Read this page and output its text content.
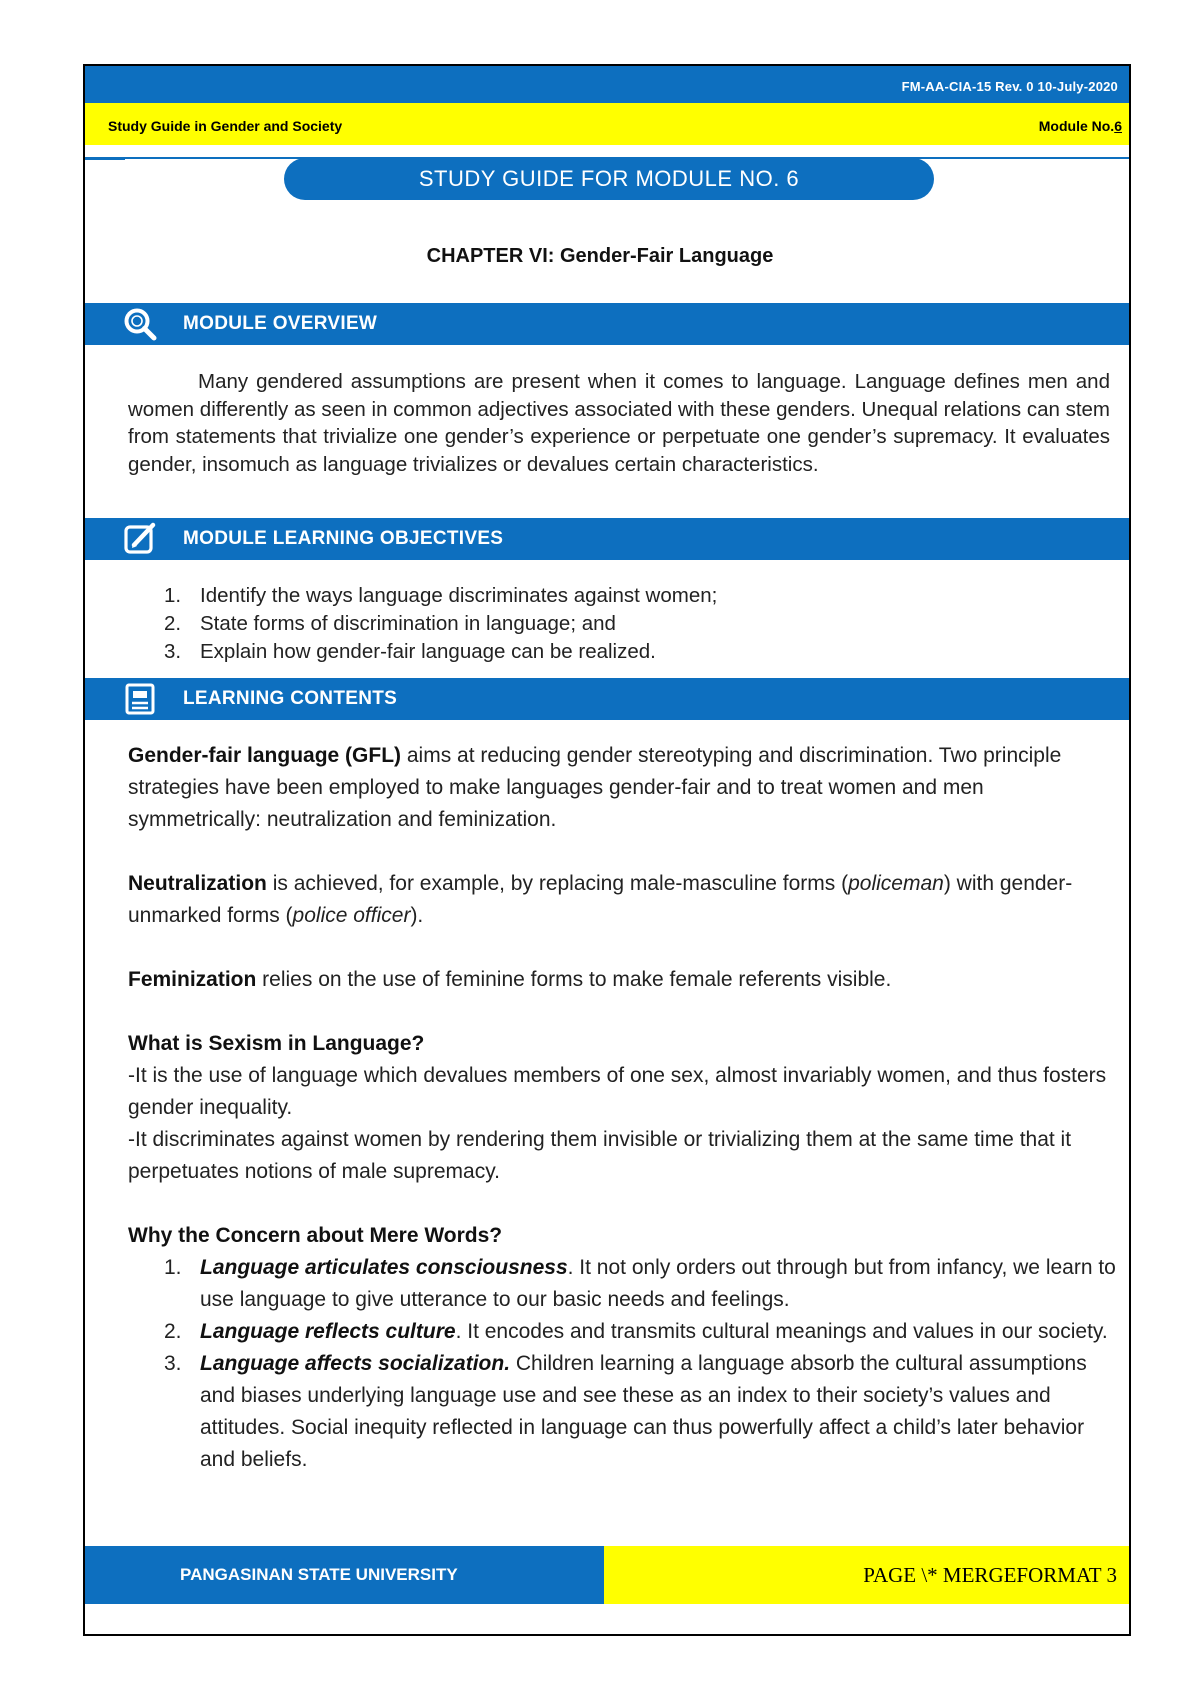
FM-AA-CIA-15 Rev. 0 10-July-2020
Study Guide in Gender and Society	Module No.6
STUDY GUIDE FOR MODULE NO. 6
CHAPTER VI: Gender-Fair Language
MODULE OVERVIEW
Many gendered assumptions are present when it comes to language. Language defines men and women differently as seen in common adjectives associated with these genders. Unequal relations can stem from statements that trivialize one gender’s experience or perpetuate one gender’s supremacy. It evaluates gender, insomuch as language trivializes or devalues certain characteristics.
MODULE LEARNING OBJECTIVES
1. Identify the ways language discriminates against women;
2. State forms of discrimination in language; and
3. Explain how gender-fair language can be realized.
LEARNING CONTENTS

Gender-fair language (GFL) aims at reducing gender stereotyping and discrimination. Two principle strategies have been employed to make languages gender-fair and to treat women and men symmetrically: neutralization and feminization.

Neutralization is achieved, for example, by replacing male-masculine forms (policeman) with gender-unmarked forms (police officer).

Feminization relies on the use of feminine forms to make female referents visible.

What is Sexism in Language?

-It is the use of language which devalues members of one sex, almost invariably women, and thus fosters gender inequality.

-It discriminates against women by rendering them invisible or trivializing them at the same time that it perpetuates notions of male supremacy.

Why the Concern about Mere Words?

1. Language articulates consciousness. It not only orders out through but from infancy, we learn to use language to give utterance to our basic needs and feelings.
2. Language reflects culture. It encodes and transmits cultural meanings and values in our society.
3. Language affects socialization. Children learning a language absorb the cultural assumptions and biases underlying language use and see these as an index to their society’s values and attitudes. Social inequity reflected in language can thus powerfully affect a child’s later behavior and beliefs.
PANGASINAN STATE UNIVERSITY	PAGE \* MERGEFORMAT 3
